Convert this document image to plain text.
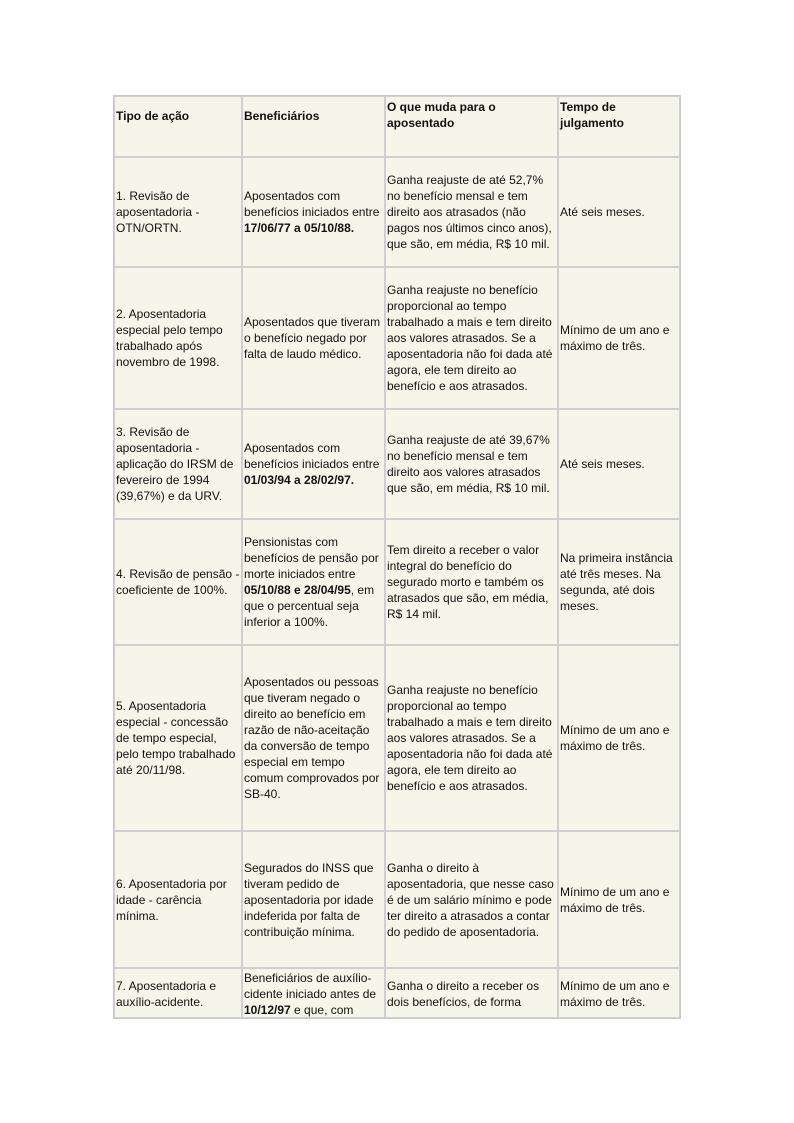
Tipo de ação	Beneficiários
O que muda para o aposentado
Tempo de julgamento
1. Revisão de aposentadoria - OTN/ORTN.
Aposentados com benefícios iniciados entre 17/06/77 a 05/10/88.
Ganha reajuste de até 52,7% no benefício mensal e tem direito aos atrasados (não pagos nos últimos cinco anos), que são, em média, R$ 10 mil.
Até seis meses.
2. Aposentadoria especial pelo tempo trabalhado após novembro de 1998.
Aposentados que tiveram o benefício negado por falta de laudo médico.
Ganha reajuste no benefício proporcional ao tempo trabalhado a mais e tem direito aos valores atrasados. Se a aposentadoria não foi dada até agora, ele tem direito ao benefício e aos atrasados.
Mínimo de um ano e máximo de três.
3. Revisão de aposentadoria - aplicação do IRSM de fevereiro de 1994 (39,67%) e da URV.
Aposentados com benefícios iniciados entre 01/03/94 a 28/02/97.
Ganha reajuste de até 39,67% no benefício mensal e tem direito aos valores atrasados que são, em média, R$ 10 mil.
Até seis meses.
4. Revisão de pensão - coeficiente de 100%.
Pensionistas com benefícios de pensão por morte iniciados entre 05/10/88 e 28/04/95, em que o percentual seja inferior a 100%.
Tem direito a receber o valor integral do benefício do segurado morto e também os atrasados que são, em média, R$ 14 mil.
Na primeira instância até três meses. Na segunda, até dois meses.
5. Aposentadoria especial - concessão de tempo especial, pelo tempo trabalhado até 20/11/98.
Aposentados ou pessoas que tiveram negado o direito ao benefício em razão de não-aceitação da conversão de tempo especial em tempo comum comprovados por SB-40.
Ganha reajuste no benefício proporcional ao tempo trabalhado a mais e tem direito aos valores atrasados. Se a aposentadoria não foi dada até agora, ele tem direito ao benefício e aos atrasados.
Mínimo de um ano e máximo de três.
6. Aposentadoria por idade - carência mínima.
Segurados do INSS que tiveram pedido de aposentadoria por idade indeferida por falta de contribuição mínima.
Ganha o direito à aposentadoria, que nesse caso é de um salário mínimo e pode ter direito a atrasados a contar do pedido de aposentadoria.
Mínimo de um ano e máximo de três.
7. Aposentadoria e auxílio-acidente.
Beneficiários de auxílio-cidente iniciado antes de 10/12/97 e que, com
Ganha o direito a receber os dois benefícios, de forma
Mínimo de um ano e máximo de três.
